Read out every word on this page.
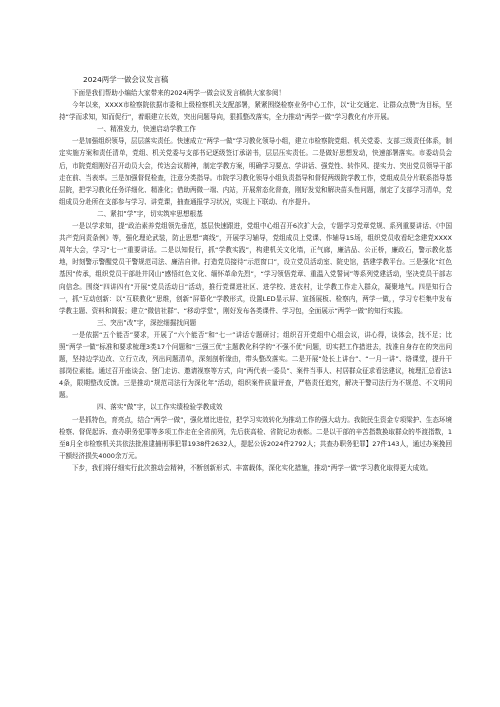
2024两学一做会议发言稿

下面是我们帮助小编给大家带来的2024两学一做会议发言稿供大家参阅！

今年以来，XXXX市检察院依据市委和上级检察机关支配部署，紧紧围绕检察业务中心工作，以“让交通定、让群众点赞”为目标，坚持“学而求知，知而促行”，着眼建立长效，突出问题导向，狠抓整改落实，全力推动“两学一做”学习教化有序开展。

一、精准发力，快速启动学教工作

一是加强组织领导，层层落实责任。快速成立“两学一做”学习教化领导小组，建立市检察院党组、机关党委、支部三级责任体系，制定实施方案和责任清单，党组、机关党委与支部书记逐级签订承诺书，层层压实责任。二是做好思想发动，快速部署落实。市委动员会后，市院党组刚好召开动员大会，传达会议精神，制定学教方案，明确学习要点、学讲话、强党性、转作风、提实力、突出党员领导干部走在前、当表率。三是加强督促检查，注意分类指导。市院学习教化领导小组负责指导和督促两级院学教工作，党组成员分片联系指导基层院，把学习教化任务详细化、精准化；借助两微一端、内站，开展常态化督查，刚好发觉和解决苗头性问题，制定了支部学习清单，党组成员分赴所在支部参与学习、讲党课，抽查通报学习状况，实现上下联动、有序提升。

二、紧扣“学”字，切实筑牢思想根基

一是以学求知，提“政治素养党组领先垂范，基层快速跟进，党组中心组召开6次扩大会，专题学习党章党规、系列重要讲话、《中国共产党问责条例》等，强化理论武装，防止思想“离线”，开展学习辅导，党组成员上党课、作辅导15场，组织党员收看纪念建党XXXX周年大会，学习“七一”重要讲话。二是以知促行，抓“学教实践”，构建机关文化墙，正气廊，廉洁品、公正桥，廉政石，警示教化基地，时刻警示警醒党员干警规范司法、廉洁自律。打造党员接待“示范窗口”，设立党员活动室、院史馆，搭建学教平台。三是强化“红色基因”传承，组织党员干部赴井冈山“感悟红色文化、缅怀革命先烈”，“学习领悟党章、重温入党誓词”等系列党建活动，坚决党员干部志向信念。围绕“四讲四有”开展“党员活动日”活动，推行党课进社区、进学校、进农村，让学教工作走入群众，凝聚地气。四是知行合一，抓“互动创新：以“互联教化”思维，创新“屏幕化”学教形式，设置LED显示屏、宣扬展板、检察内，两学一做，，学习专栏集中发布学教主题、资料和简报；建立“微信社群”、“移动学堂”，刚好发布各类课件、学习包，全面展示“两学一做”的知行实践。

三、突出“改”字，深挖细掘找问题

一是依据“五个能否”要求，开展了“六个能否”和“七一”讲话专题研讨；组织召开党组中心组会议，讲心得，谈体会，找不足；比照“两学一做”标准和要求梳理3类17个问题和“三强三优”主题教化科学的“不强不优”问题，切实把工作措进去，找准自身存在的突出问题，坚持边学边改、立行立改，列出问题清单，深刻剖析缘由，带头整改落实。二是开展“处长上讲台”、“一月一讲”、络课堂，提升干部岗位素能。通过召开座谈会、登门走访、邀请视察等方式，向“两代表一委员”、案件当事人、村居群众征求看法建议，梳理汇总看法14条，限期整改反馈。三是推动“规范司法行为深化年”活动，组织案件质量评查，严格责任追究，解决干警司法行为不规范、不文明问题。

四、落实“做”字，以工作实绩检验学教成效

一是抓特色，育亮点，结合“两学一做”，强化增比进位，把学习实效转化为推动工作的强大动力。我院民生资金专项梁护、生态环境检察、督促起诉、查办职务犯罪等多项工作走在全省前列，先后获高检、省院记功表彰。二是以干部的辛苦指数换取群众的毕渡指数，1至8月全市检察机关共依法批准逮捕刑事犯罪1938件2632人，提起公诉2024件2792人；共查办职务犯罪】27件143人，通过办案挽回干额经济损失4000余万元。

下步，我们将仔细实行此次推动会精神，不断创新形式、丰富载体，深化实化措施，推动“两学一做”学习教化取得更大成效。
